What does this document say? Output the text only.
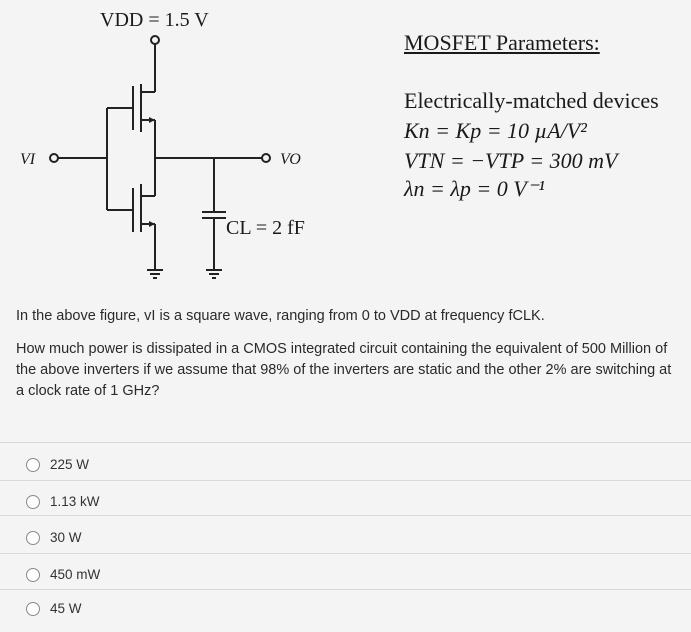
VDD = 1.5 V
VI	VO
CL = 2 fF
MOSFET Parameters:
Electrically-matched devices
Kn = Kp = 10 µA/V²
VTN = −VTP = 300 mV
λn = λp = 0 V⁻¹
In the above figure, vI is a square wave, ranging from 0 to VDD at frequency fCLK.
How much power is dissipated in a CMOS integrated circuit containing the equivalent of 500 Million of the above inverters if we assume that 98% of the inverters are static and the other 2% are switching at a clock rate of 1 GHz?
225 W
1.13 kW
30 W
450 mW
45 W
